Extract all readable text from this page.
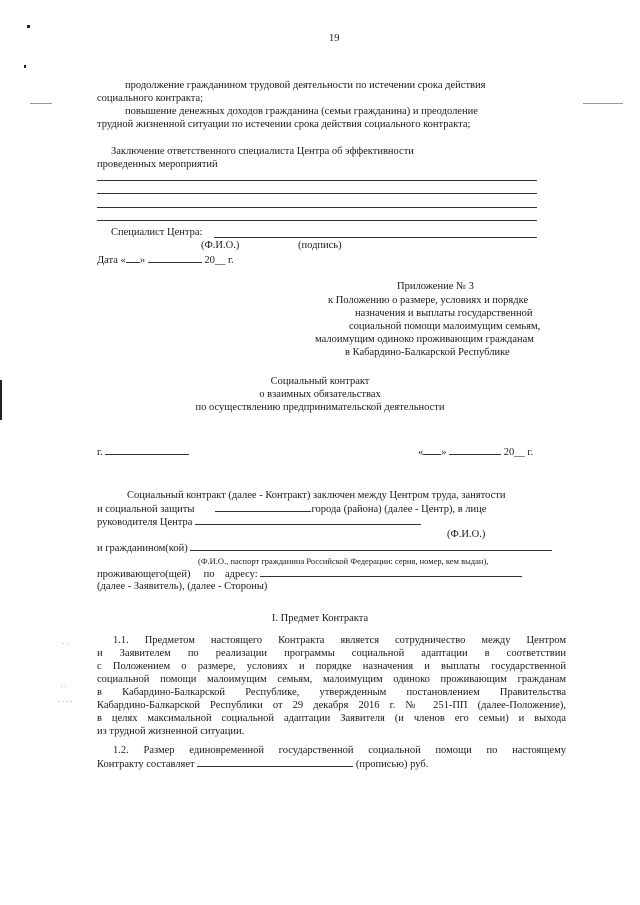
· ·
· ·
· · · ·
19
продолжение гражданином трудовой деятельности по истечении срока действия
социального контракта;
повышение денежных доходов гражданина (семьи гражданина) и преодоление
трудной жизненной ситуации по истечении срока действия социального контракта;
Заключение ответственного специалиста Центра об эффективности
проведенных мероприятий
Специалист Центра:
(Ф.И.О.)	(подпись)
Дата « »	20__ г.
Приложение № 3
к Положению о размере, условиях и порядке
назначения и выплаты государственной
социальной помощи малоимущим семьям,
малоимущим одиноко проживающим гражданам
в Кабардино-Балкарской Республике
Социальный контракт
о взаимных обязательствах
по осуществлению предпринимательской деятельности
г.	« »	20__ г.
Социальный контракт (далее - Контракт) заключен между Центром труда, занятости
и социальной защиты	города (района) (далее - Центр), в лице
руководителя Центра
(Ф.И.О.)
и гражданином(кой)
(Ф.И.О., паспорт гражданина Российской Федерации: серия, номер, кем выдан),
проживающего(щей) по адресу:
(далее - Заявитель), (далее - Стороны)
I. Предмет Контракта
1.1. Предметом настоящего Контракта является сотрудничество между Центром
и Заявителем по реализации программы социальной адаптации в соответствии
с Положением о размере, условиях и порядке назначения и выплаты государственной
социальной помощи малоимущим семьям, малоимущим одиноко проживающим гражданам
в Кабардино-Балкарской Республике, утвержденным постановлением Правительства
Кабардино-Балкарской Республики от 29 декабря 2016 г. № 251-ПП (далее-Положение),
в целях максимальной социальной адаптации Заявителя (и членов его семьи) и выхода
из трудной жизненной ситуации.
1.2. Размер единовременной государственной социальной помощи по настоящему
Контракту составляет	(прописью) руб.
